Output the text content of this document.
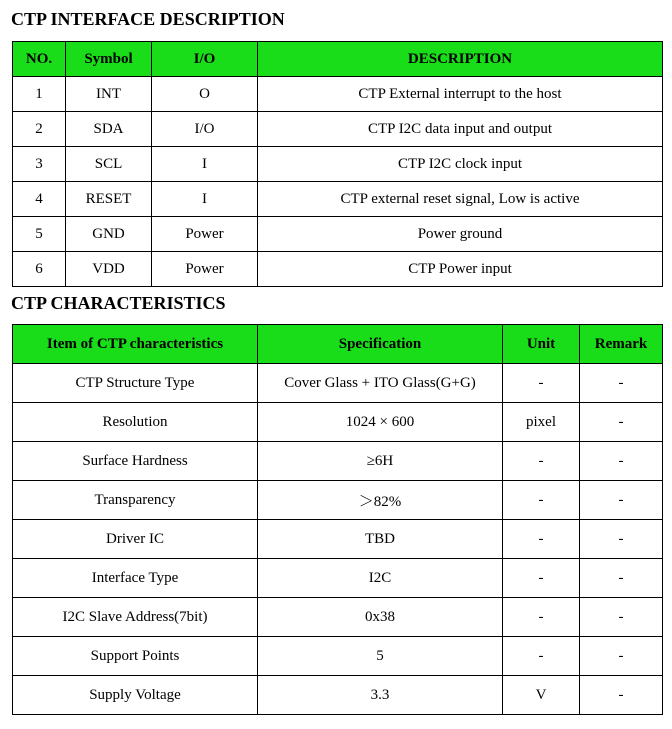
CTP INTERFACE DESCRIPTION
NO.	Symbol	I/O	DESCRIPTION
1	INT	O	CTP External interrupt to the host
2	SDA	I/O	CTP I2C data input and output
3	SCL	I	CTP I2C clock input
4	RESET	I	CTP external reset signal, Low is active
5	GND	Power	Power ground
6	VDD	Power	CTP Power input
CTP CHARACTERISTICS
Item of CTP characteristics	Specification	Unit	Remark
CTP Structure Type	Cover Glass + ITO Glass(G+G)	-	-
Resolution	1024 × 600	pixel	-
Surface Hardness	≥6H	-	-
Transparency	＞82%	-	-
Driver IC	TBD	-	-
Interface Type	I2C	-	-
I2C Slave Address(7bit)	0x38	-	-
Support Points	5	-	-
Supply Voltage	3.3	V	-
